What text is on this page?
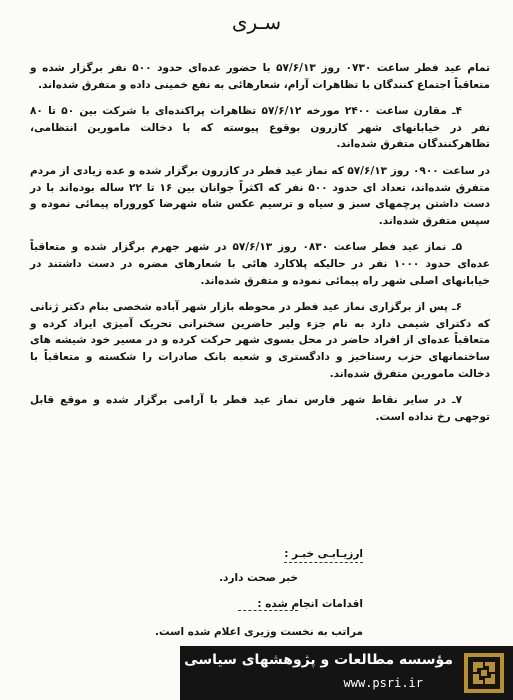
سـری

تمام عید فطر ساعت ۰۷۳۰ روز ۵۷/۶/۱۳ با حضور عده‌ای حدود ۵۰۰ نفر برگزار شده و متعاقباً اجتماع کنندگان با تظاهرات آرام، شعارهائی به نفع خمینی داده و متفرق شده‌اند.

۴ـ مقارن ساعت ۲۴۰۰ مورخه ۵۷/۶/۱۲ تظاهرات پراکنده‌ای با شرکت بین ۵۰ تا ۸۰ نفر در خیابانهای شهر کازرون بوقوع پیوسته که با دخالت مامورین انتظامی، تظاهرکنندگان متفرق شده‌اند.

در ساعت ۰۹۰۰ روز ۵۷/۶/۱۳ که نماز عید فطر در کازرون برگزار شده و عده زیادی از مردم متفرق شده‌اند، تعداد ای حدود ۵۰۰ نفر که اکثراً جوانان بین ۱۶ تا ۲۲ ساله بوده‌اند با در دست داشتن پرچمهای سبز و سیاه و ترسیم عکس شاه شهرضا کوروراه پیمائی نموده و سپس متفرق شده‌اند.

۵ـ نماز عید فطر ساعت ۰۸۳۰ روز ۵۷/۶/۱۳ در شهر جهرم برگزار شده و متعاقباً عده‌ای حدود ۱۰۰۰ نفر در حالیکه پلاکارد هائی با شعارهای مضره در دست داشتند در خیابانهای اصلی شهر راه پیمائی نموده و متفرق شده‌اند.

۶ـ پس از برگزاری نماز عید فطر در محوطه بازار شهر آباده شخصی بنام دکتر ژنانی که دکترای شیمی دارد به نام جزء ولیر حاضرین سخنرانی تحریک آمیزی ایراد کرده و متعاقباً عده‌ای از افراد حاضر در محل بسوی شهر حرکت کرده و در مسیر خود شیشه های ساختمانهای حزب رستاخیز و دادگستری و شعبه بانک صادرات را شکسته و متعاقباً با دخالت مامورین متفرق شده‌اند.

۷ـ در سایر نقاط شهر فارس نماز عید فطر با آرامی برگزار شده و موقع قابل توجهی رخ نداده است.

ارزیـابـی خبـر :
خبر صحت دارد.
اقدامات انجام شده :
مراتب به نخست وزیری اعلام شده است.
مؤسسه مطالعات و پژوهشهای سیاسی
www.psri.ir
